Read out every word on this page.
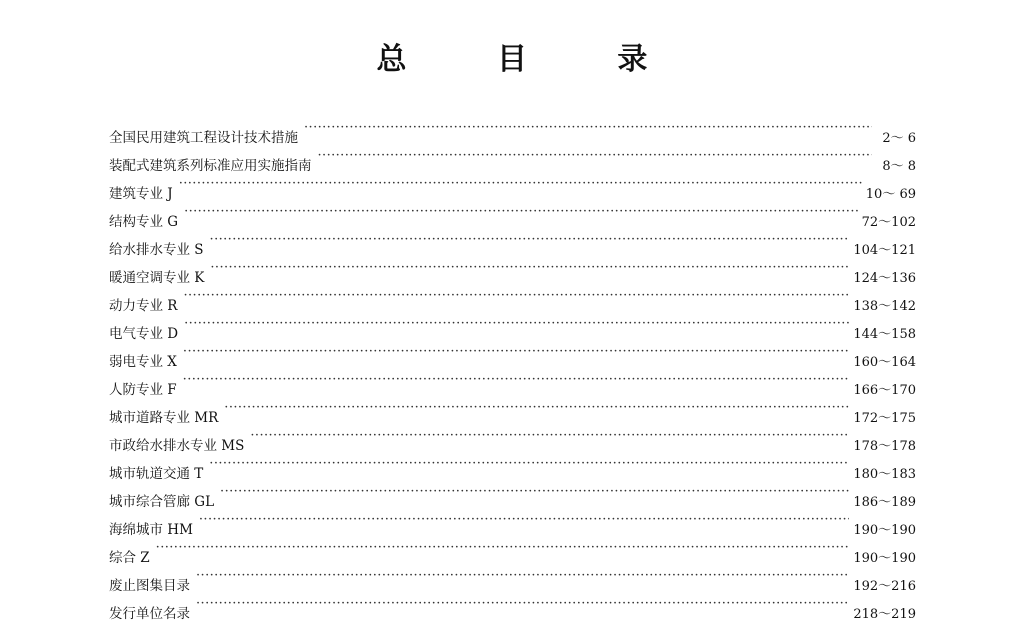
总 目 录
全国民用建筑工程设计技术措施 ·····	2～ 6
装配式建筑系列标准应用实施指南 ·····	8～ 8
建筑专业 J ·····	10～ 69
结构专业 G ·····	72～102
给水排水专业 S ·····	104～121
暖通空调专业 K ·····	124～136
动力专业 R ·····	138～142
电气专业 D ·····	144～158
弱电专业 X ·····	160～164
人防专业 F ·····	166～170
城市道路专业 MR ·····	172～175
市政给水排水专业 MS ·····	178～178
城市轨道交通 T ·····	180～183
城市综合管廊 GL ·····	186～189
海绵城市 HM ·····	190～190
综合 Z ·····	190～190
废止图集目录 ·····	192～216
发行单位名录 ·····	218～219
